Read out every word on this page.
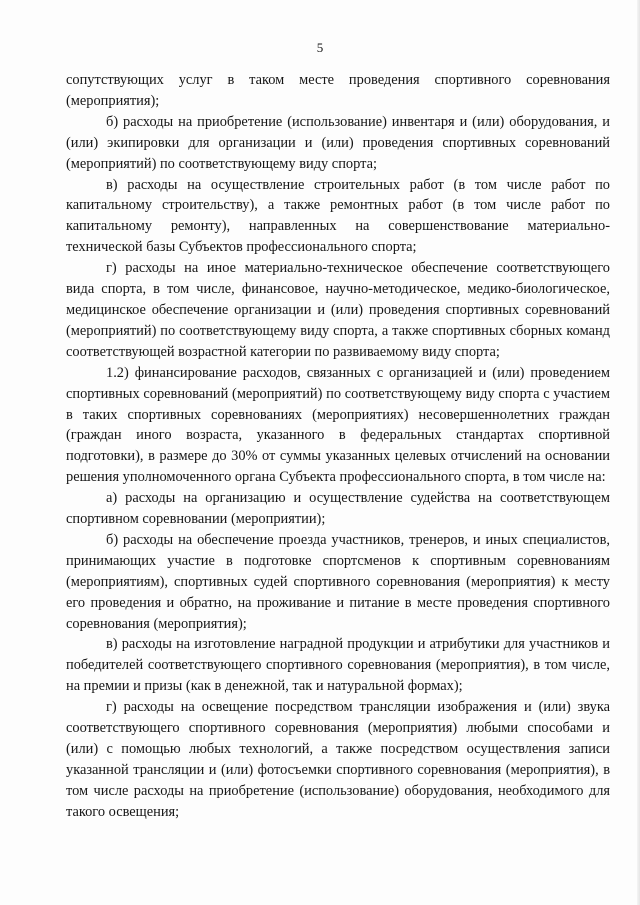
5

сопутствующих услуг в таком месте проведения спортивного соревнования (мероприятия);

б) расходы на приобретение (использование) инвентаря и (или) оборудования, и (или) экипировки для организации и (или) проведения спортивных соревнований (мероприятий) по соответствующему виду спорта;

в) расходы на осуществление строительных работ (в том числе работ по капитальному строительству), а также ремонтных работ (в том числе работ по капитальному ремонту), направленных на совершенствование материально-технической базы Субъектов профессионального спорта;

г) расходы на иное материально-техническое обеспечение соответствующего вида спорта, в том числе, финансовое, научно-методическое, медико-биологическое, медицинское обеспечение организации и (или) проведения спортивных соревнований (мероприятий) по соответствующему виду спорта, а также спортивных сборных команд соответствующей возрастной категории по развиваемому виду спорта;

1.2) финансирование расходов, связанных с организацией и (или) проведением спортивных соревнований (мероприятий) по соответствующему виду спорта с участием в таких спортивных соревнованиях (мероприятиях) несовершеннолетних граждан (граждан иного возраста, указанного в федеральных стандартах спортивной подготовки), в размере до 30% от суммы указанных целевых отчислений на основании решения уполномоченного органа Субъекта профессионального спорта, в том числе на:

а) расходы на организацию и осуществление судейства на соответствующем спортивном соревновании (мероприятии);

б) расходы на обеспечение проезда участников, тренеров, и иных специалистов, принимающих участие в подготовке спортсменов к спортивным соревнованиям (мероприятиям), спортивных судей спортивного соревнования (мероприятия) к месту его проведения и обратно, на проживание и питание в месте проведения спортивного соревнования (мероприятия);

в) расходы на изготовление наградной продукции и атрибутики для участников и победителей соответствующего спортивного соревнования (мероприятия), в том числе, на премии и призы (как в денежной, так и натуральной формах);

г) расходы на освещение посредством трансляции изображения и (или) звука соответствующего спортивного соревнования (мероприятия) любыми способами и (или) с помощью любых технологий, а также посредством осуществления записи указанной трансляции и (или) фотосъемки спортивного соревнования (мероприятия), в том числе расходы на приобретение (использование) оборудования, необходимого для такого освещения;
